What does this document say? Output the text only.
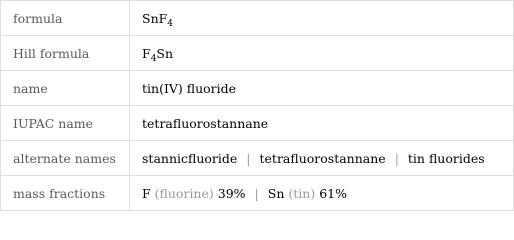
formula	SnF$_4$
Hill formula	$F_4Sn$
name	tin(IV) fluoride
IUPAC name	tetrafluorostannane
alternate names	stannicfluoride | tetrafluorostannane | tin fluorides
mass fractions	F (fluorine) 39% | Sn (tin) 61%
